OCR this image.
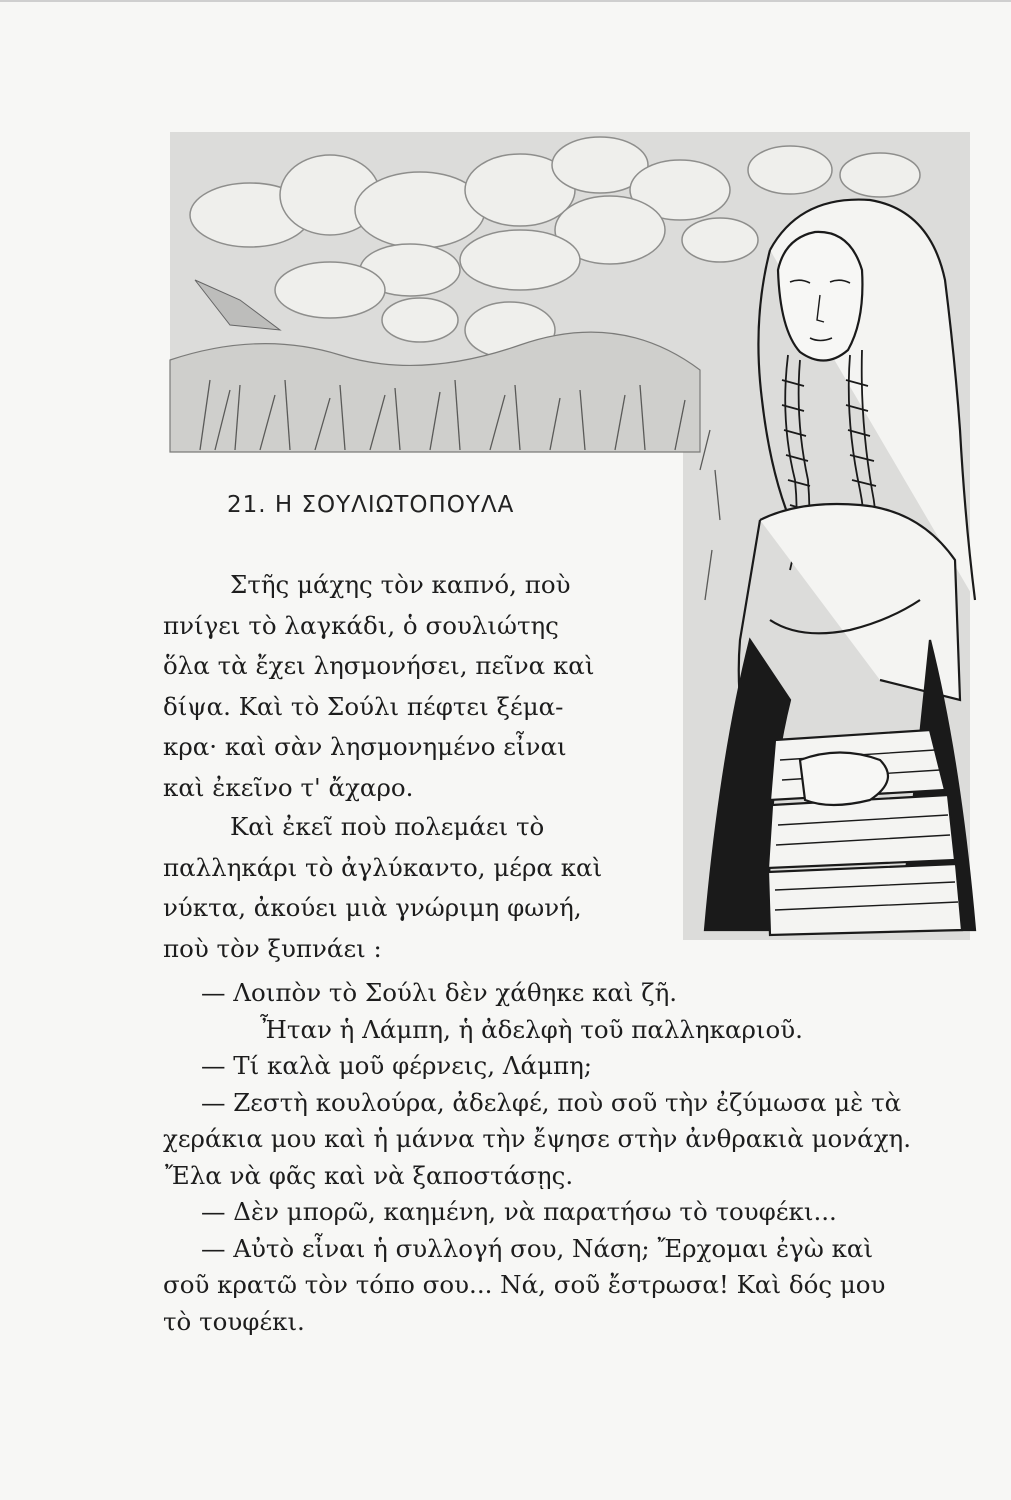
21. Η ΣΟΥΛΙΩΤΟΠΟΥΛΑ
Στῆς μάχης τὸν καπνό, ποὺ
πνίγει τὸ λαγκάδι, ὁ σουλιώτης
ὅλα τὰ ἔχει λησμονήσει, πεῖνα καὶ
δίψα. Καὶ τὸ Σούλι πέφτει ξέμα-
κρα· καὶ σὰν λησμονημένο εἶναι
καὶ ἐκεῖνο τ' ἄχαρο.
Καὶ ἐκεῖ ποὺ πολεμάει τὸ
παλληκάρι τὸ ἀγλύκαντο, μέρα καὶ
νύκτα, ἀκούει μιὰ γνώριμη φωνή,
ποὺ τὸν ξυπνάει :
— Λοιπὸν τὸ Σούλι δὲν χάθηκε καὶ ζῆ.
Ἦταν ἡ Λάμπη, ἡ ἀδελφὴ τοῦ παλληκαριοῦ.
— Τί καλὰ μοῦ φέρνεις, Λάμπη;
— Ζεστὴ κουλούρα, ἀδελφέ, ποὺ σοῦ τὴν ἐζύμωσα μὲ τὰ
χεράκια μου καὶ ἡ μάννα τὴν ἔψησε στὴν ἀνθρακιὰ μονάχη.
Ἔλα νὰ φᾶς καὶ νὰ ξαποστάσῃς.
— Δὲν μπορῶ, καημένη, νὰ παρατήσω τὸ τουφέκι...
— Αὐτὸ εἶναι ἡ συλλογή σου, Νάση; Ἔρχομαι ἐγὼ καὶ
σοῦ κρατῶ τὸν τόπο σου... Νά, σοῦ ἔστρωσα! Καὶ δός μου
τὸ τουφέκι.
